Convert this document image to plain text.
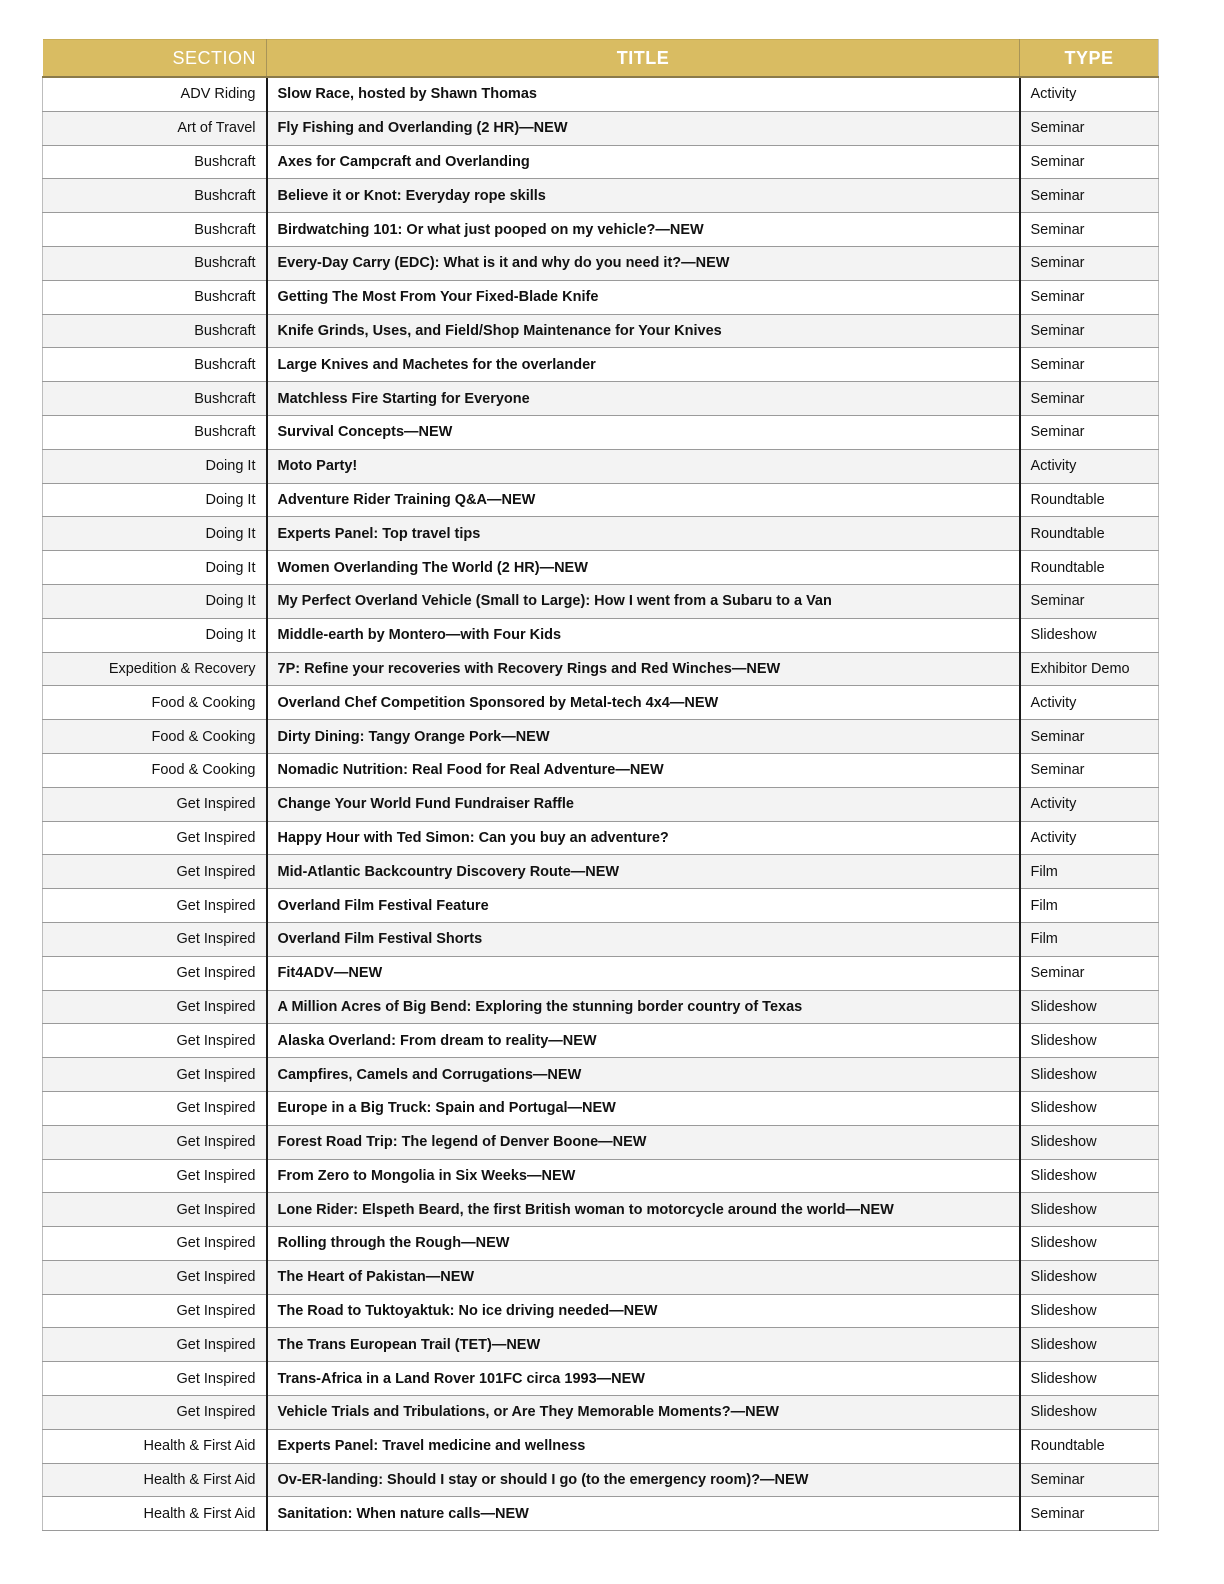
SECTION	TITLE	TYPE
ADV Riding	Slow Race, hosted by Shawn Thomas	Activity
Art of Travel	Fly Fishing and Overlanding (2 HR)—NEW	Seminar
Bushcraft	Axes for Campcraft and Overlanding	Seminar
Bushcraft	Believe it or Knot: Everyday rope skills	Seminar
Bushcraft	Birdwatching 101: Or what just pooped on my vehicle?—NEW	Seminar
Bushcraft	Every-Day Carry (EDC): What is it and why do you need it?—NEW	Seminar
Bushcraft	Getting The Most From Your Fixed-Blade Knife	Seminar
Bushcraft	Knife Grinds, Uses, and Field/Shop Maintenance for Your Knives	Seminar
Bushcraft	Large Knives and Machetes for the overlander	Seminar
Bushcraft	Matchless Fire Starting for Everyone	Seminar
Bushcraft	Survival Concepts—NEW	Seminar
Doing It	Moto Party!	Activity
Doing It	Adventure Rider Training Q&A—NEW	Roundtable
Doing It	Experts Panel: Top travel tips	Roundtable
Doing It	Women Overlanding The World (2 HR)—NEW	Roundtable
Doing It	My Perfect Overland Vehicle (Small to Large): How I went from a Subaru to a Van	Seminar
Doing It	Middle-earth by Montero—with Four Kids	Slideshow
Expedition & Recovery	7P: Refine your recoveries with Recovery Rings and Red Winches—NEW	Exhibitor Demo
Food & Cooking	Overland Chef Competition Sponsored by Metal-tech 4x4—NEW	Activity
Food & Cooking	Dirty Dining: Tangy Orange Pork—NEW	Seminar
Food & Cooking	Nomadic Nutrition: Real Food for Real Adventure—NEW	Seminar
Get Inspired	Change Your World Fund Fundraiser Raffle	Activity
Get Inspired	Happy Hour with Ted Simon: Can you buy an adventure?	Activity
Get Inspired	Mid-Atlantic Backcountry Discovery Route—NEW	Film
Get Inspired	Overland Film Festival Feature	Film
Get Inspired	Overland Film Festival Shorts	Film
Get Inspired	Fit4ADV—NEW	Seminar
Get Inspired	A Million Acres of Big Bend: Exploring the stunning border country of Texas	Slideshow
Get Inspired	Alaska Overland: From dream to reality—NEW	Slideshow
Get Inspired	Campfires, Camels and Corrugations—NEW	Slideshow
Get Inspired	Europe in a Big Truck: Spain and Portugal—NEW	Slideshow
Get Inspired	Forest Road Trip: The legend of Denver Boone—NEW	Slideshow
Get Inspired	From Zero to Mongolia in Six Weeks—NEW	Slideshow
Get Inspired	Lone Rider: Elspeth Beard, the first British woman to motorcycle around the world—NEW	Slideshow
Get Inspired	Rolling through the Rough—NEW	Slideshow
Get Inspired	The Heart of Pakistan—NEW	Slideshow
Get Inspired	The Road to Tuktoyaktuk: No ice driving needed—NEW	Slideshow
Get Inspired	The Trans European Trail (TET)—NEW	Slideshow
Get Inspired	Trans-Africa in a Land Rover 101FC circa 1993—NEW	Slideshow
Get Inspired	Vehicle Trials and Tribulations, or Are They Memorable Moments?—NEW	Slideshow
Health & First Aid	Experts Panel: Travel medicine and wellness	Roundtable
Health & First Aid	Ov-ER-landing: Should I stay or should I go (to the emergency room)?—NEW	Seminar
Health & First Aid	Sanitation: When nature calls—NEW	Seminar
